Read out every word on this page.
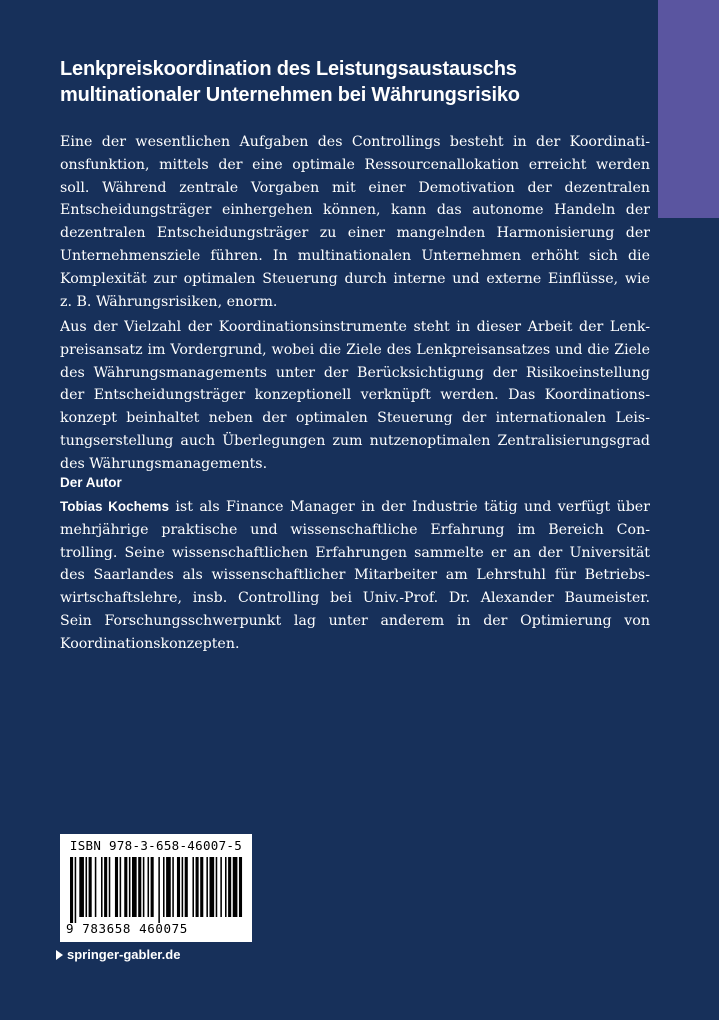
Lenkpreiskoordination des Leistungsaustauschs
multinationaler Unternehmen bei Währungsrisiko
Eine der wesentlichen Aufgaben des Controllings besteht in der Koordinati-
onsfunktion, mittels der eine optimale Ressourcenallokation erreicht werden
soll. Während zentrale Vorgaben mit einer Demotivation der dezentralen
Entscheidungsträger einhergehen können, kann das autonome Handeln der
dezentralen Entscheidungsträger zu einer mangelnden Harmonisierung der
Unternehmensziele führen. In multinationalen Unternehmen erhöht sich die
Komplexität zur optimalen Steuerung durch interne und externe Einflüsse, wie
z. B. Währungsrisiken, enorm.
Aus der Vielzahl der Koordinationsinstrumente steht in dieser Arbeit der Lenk-
preisansatz im Vordergrund, wobei die Ziele des Lenkpreisansatzes und die Ziele
des Währungsmanagements unter der Berücksichtigung der Risikoeinstellung
der Entscheidungsträger konzeptionell verknüpft werden. Das Koordinations-
konzept beinhaltet neben der optimalen Steuerung der internationalen Leis-
tungserstellung auch Überlegungen zum nutzenoptimalen Zentralisierungsgrad
des Währungsmanagements.
Der Autor
Tobias Kochems ist als Finance Manager in der Industrie tätig und verfügt über
mehrjährige praktische und wissenschaftliche Erfahrung im Bereich Con-
trolling. Seine wissenschaftlichen Erfahrungen sammelte er an der Universität
des Saarlandes als wissenschaftlicher Mitarbeiter am Lehrstuhl für Betriebs-
wirtschaftslehre, insb. Controlling bei Univ.-Prof. Dr. Alexander Baumeister.
Sein Forschungsschwerpunkt lag unter anderem in der Optimierung von
Koordinationskonzepten.
ISBN 978-3-658-46007-5
9 783658 460075
springer-gabler.de
